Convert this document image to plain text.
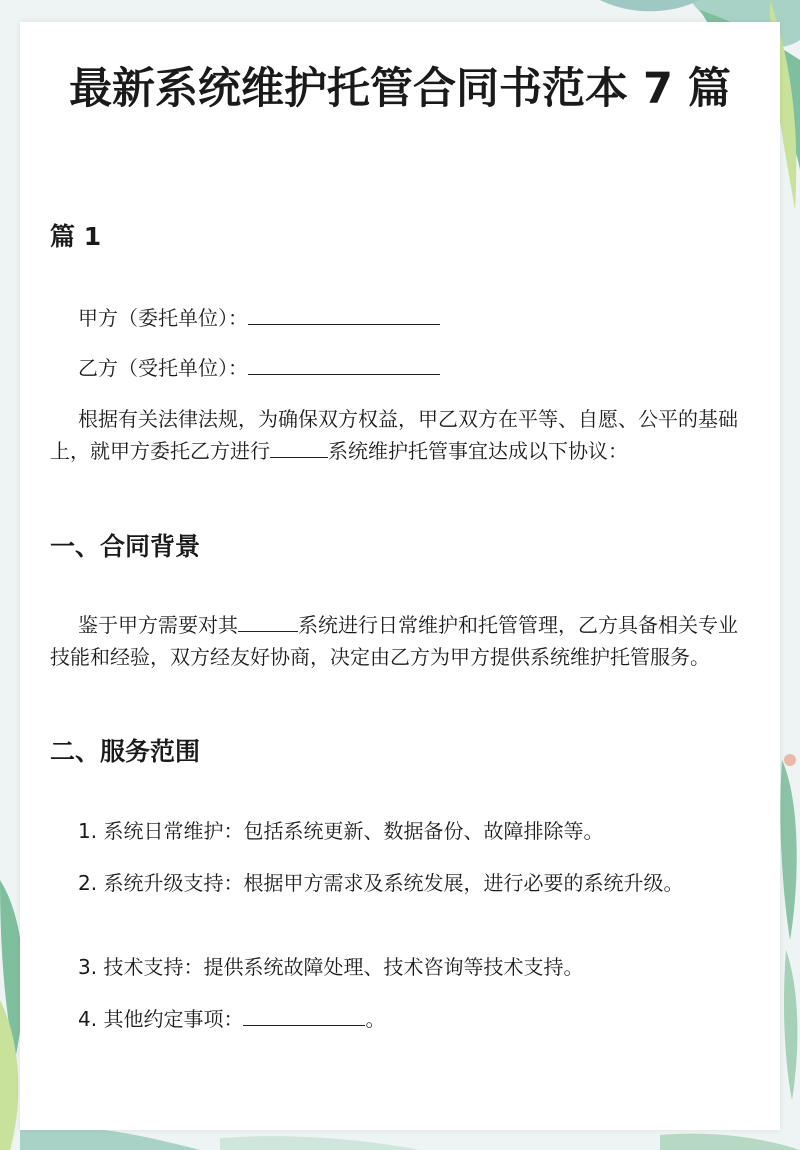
最新系统维护托管合同书范本 7 篇
篇 1

甲方（委托单位）：

乙方（受托单位）：

根据有关法律法规，为确保双方权益，甲乙双方在平等、自愿、公平的基础上，就甲方委托乙方进行	系统维护托管事宜达成以下协议：

一、合同背景

鉴于甲方需要对其	系统进行日常维护和托管管理，乙方具备相关专业技能和经验，双方经友好协商，决定由乙方为甲方提供系统维护托管服务。

二、服务范围

1. 系统日常维护：包括系统更新、数据备份、故障排除等。

2. 系统升级支持：根据甲方需求及系统发展，进行必要的系统升级。

3. 技术支持：提供系统故障处理、技术咨询等技术支持。

4. 其他约定事项：	。
